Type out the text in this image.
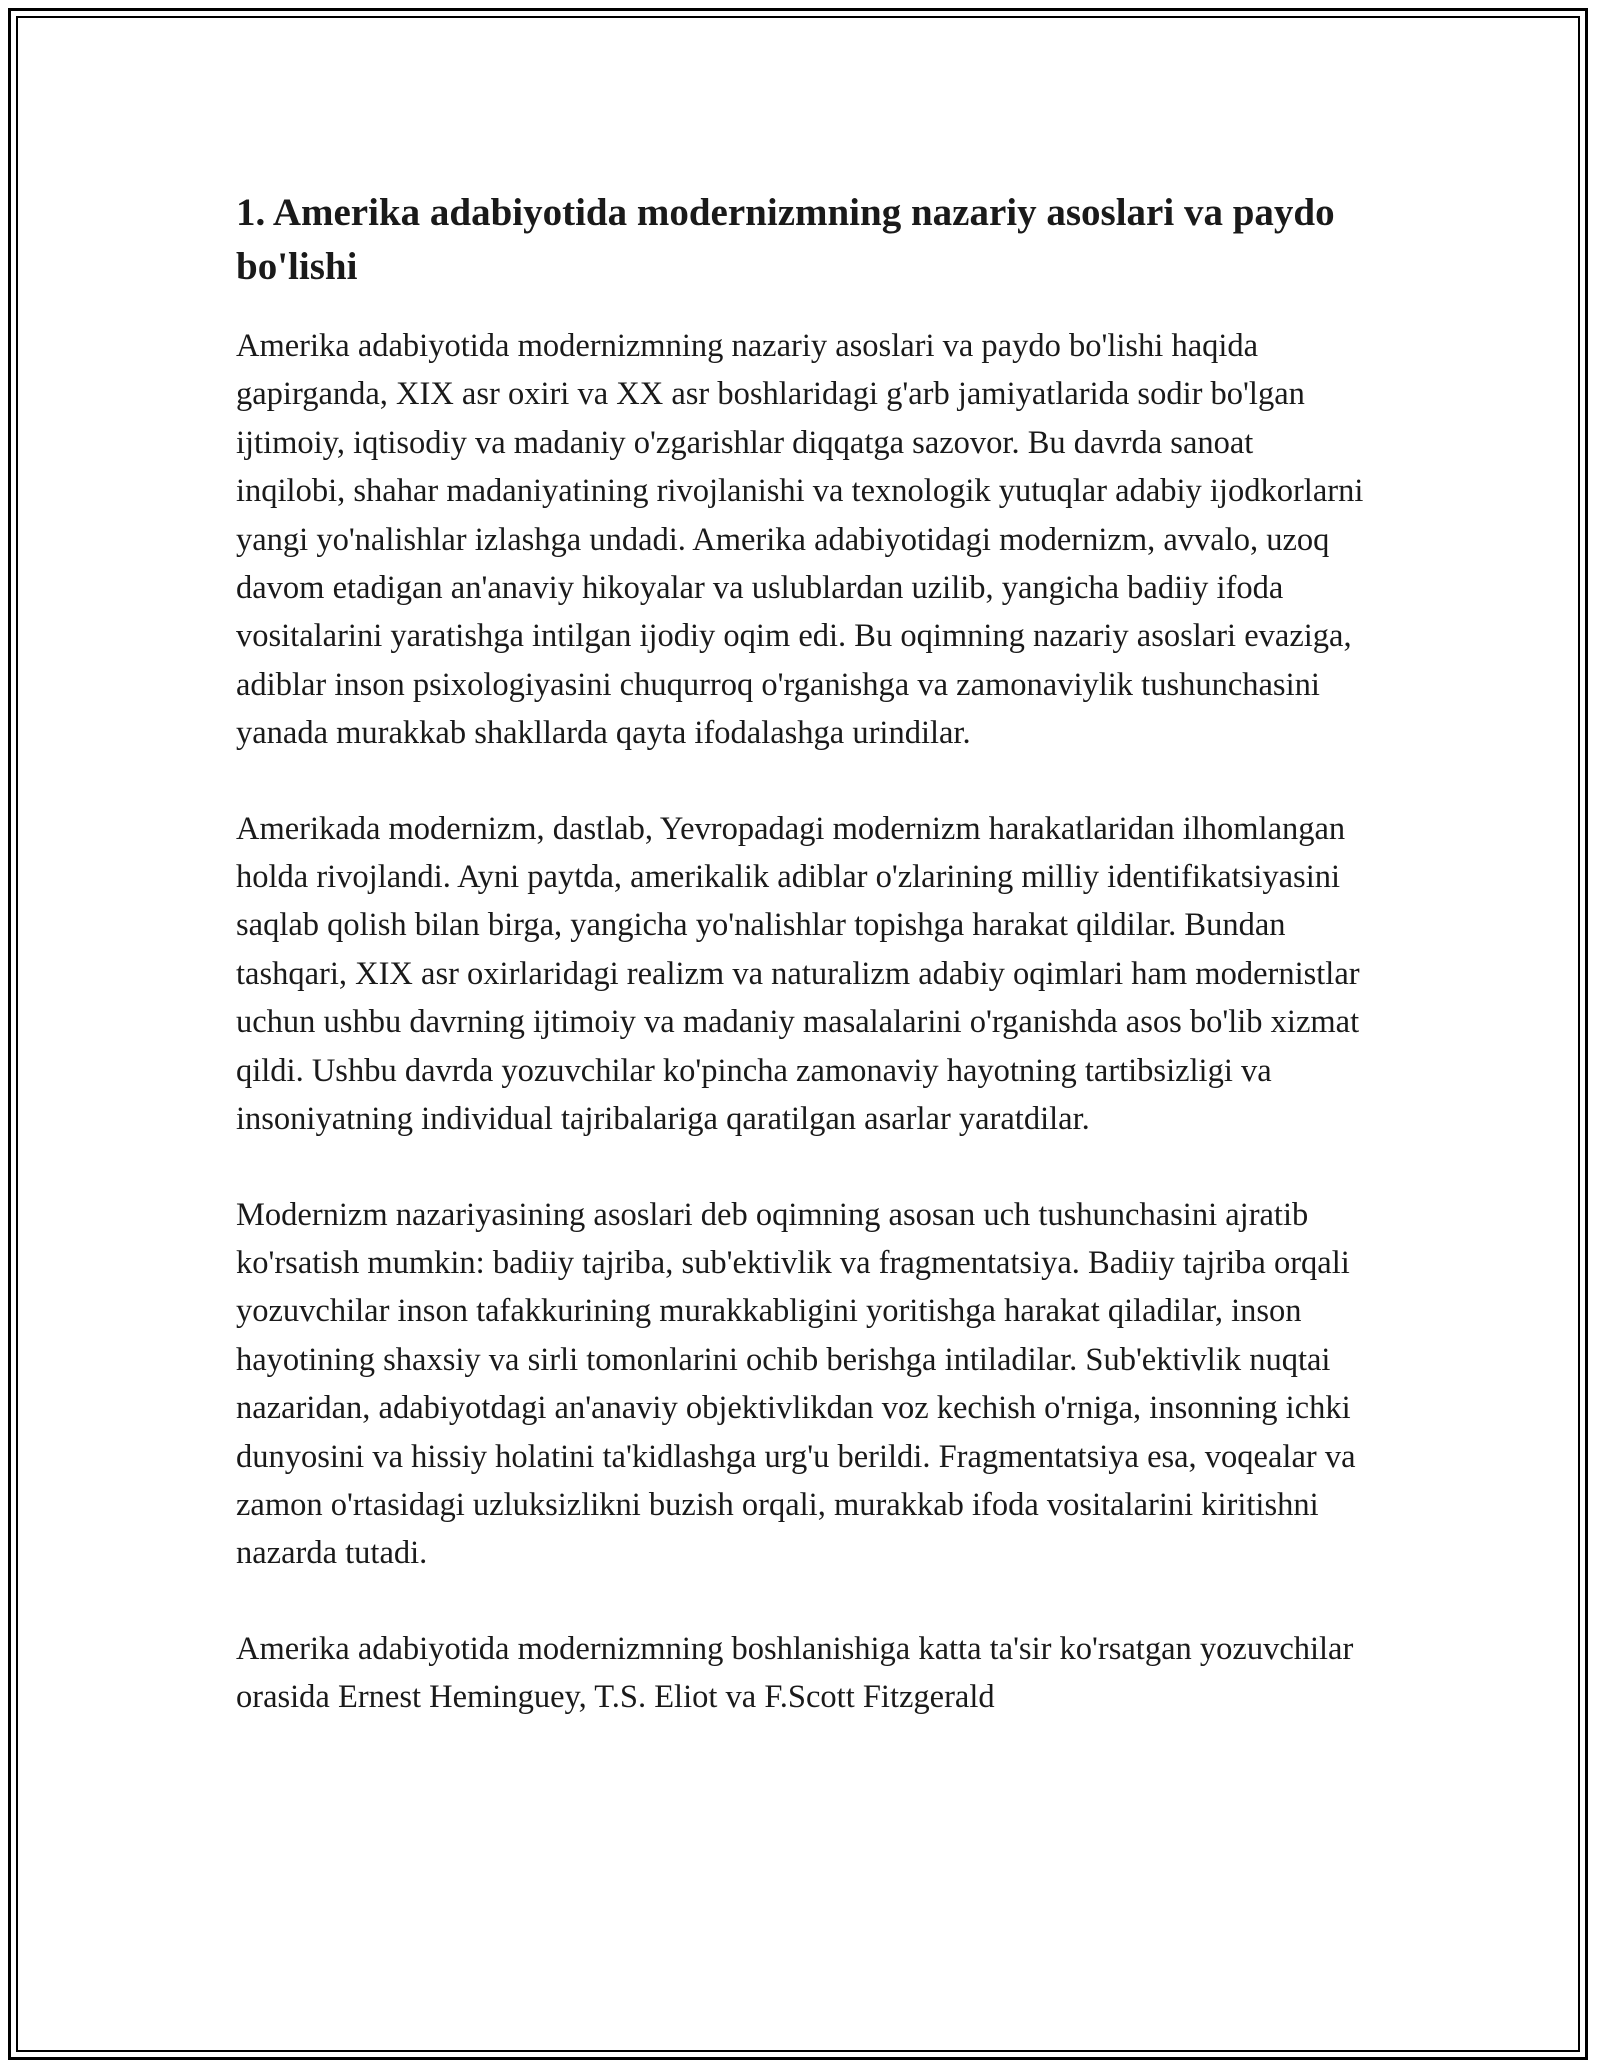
1. Amerika adabiyotida modernizmning nazariy asoslari va paydo bo'lishi

Amerika adabiyotida modernizmning nazariy asoslari va paydo bo'lishi haqida gapirganda, XIX asr oxiri va XX asr boshlaridagi g'arb jamiyatlarida sodir bo'lgan ijtimoiy, iqtisodiy va madaniy o'zgarishlar diqqatga sazovor. Bu davrda sanoat inqilobi, shahar madaniyatining rivojlanishi va texnologik yutuqlar adabiy ijodkorlarni yangi yo'nalishlar izlashga undadi. Amerika adabiyotidagi modernizm, avvalo, uzoq davom etadigan an'anaviy hikoyalar va uslublardan uzilib, yangicha badiiy ifoda vositalarini yaratishga intilgan ijodiy oqim edi. Bu oqimning nazariy asoslari evaziga, adiblar inson psixologiyasini chuqurroq o'rganishga va zamonaviylik tushunchasini yanada murakkab shakllarda qayta ifodalashga urindilar.

Amerikada modernizm, dastlab, Yevropadagi modernizm harakatlaridan ilhomlangan holda rivojlandi. Ayni paytda, amerikalik adiblar o'zlarining milliy identifikatsiyasini saqlab qolish bilan birga, yangicha yo'nalishlar topishga harakat qildilar. Bundan tashqari, XIX asr oxirlaridagi realizm va naturalizm adabiy oqimlari ham modernistlar uchun ushbu davrning ijtimoiy va madaniy masalalarini o'rganishda asos bo'lib xizmat qildi. Ushbu davrda yozuvchilar ko'pincha zamonaviy hayotning tartibsizligi va insoniyatning individual tajribalariga qaratilgan asarlar yaratdilar.

Modernizm nazariyasining asoslari deb oqimning asosan uch tushunchasini ajratib ko'rsatish mumkin: badiiy tajriba, sub'ektivlik va fragmentatsiya. Badiiy tajriba orqali yozuvchilar inson tafakkurining murakkabligini yoritishga harakat qiladilar, inson hayotining shaxsiy va sirli tomonlarini ochib berishga intiladilar. Sub'ektivlik nuqtai nazaridan, adabiyotdagi an'anaviy objektivlikdan voz kechish o'rniga, insonning ichki dunyosini va hissiy holatini ta'kidlashga urg'u berildi. Fragmentatsiya esa, voqealar va zamon o'rtasidagi uzluksizlikni buzish orqali, murakkab ifoda vositalarini kiritishni nazarda tutadi.

Amerika adabiyotida modernizmning boshlanishiga katta ta'sir ko'rsatgan yozuvchilar orasida Ernest Heminguey, T.S. Eliot va F.Scott Fitzgerald
